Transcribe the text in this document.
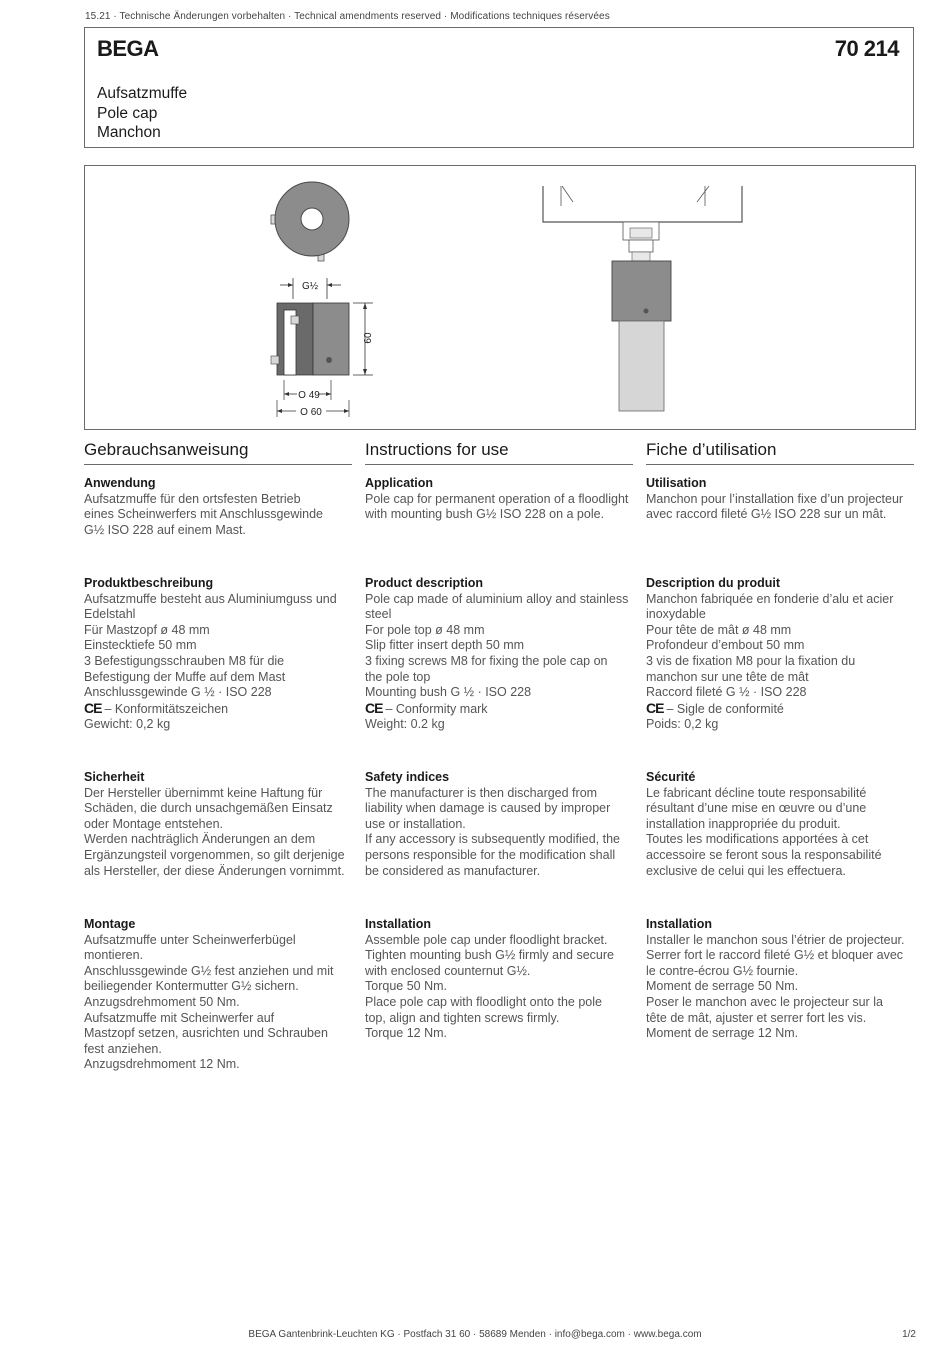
15.21 · Technische Änderungen vorbehalten · Technical amendments reserved · Modifications techniques réservées
BEGA	70 214
Aufsatzmuffe
Pole cap
Manchon
G½
60
O 49
O 60
Gebrauchsanweisung
Anwendung
Aufsatzmuffe für den ortsfesten Betrieb
eines Scheinwerfers mit Anschlussgewinde
G½ ISO 228 auf einem Mast.
Produktbeschreibung
Aufsatzmuffe besteht aus Aluminiumguss und
Edelstahl
Für Mastzopf ø 48 mm
Einstecktiefe 50 mm
3 Befestigungsschrauben M8 für die
Befestigung der Muffe auf dem Mast
Anschlussgewinde G ½ · ISO 228
CE – Konformitätszeichen
Gewicht: 0,2 kg
Sicherheit
Der Hersteller übernimmt keine Haftung für
Schäden, die durch unsachgemäßen Einsatz
oder Montage entstehen.
Werden nachträglich Änderungen an dem
Ergänzungsteil vorgenommen, so gilt derjenige
als Hersteller, der diese Änderungen vornimmt.
Montage
Aufsatzmuffe unter Scheinwerferbügel
montieren.
Anschlussgewinde G½ fest anziehen und mit
beiliegender Kontermutter G½ sichern.
Anzugsdrehmoment 50 Nm.
Aufsatzmuffe mit Scheinwerfer auf
Mastzopf setzen, ausrichten und Schrauben
fest anziehen.
Anzugsdrehmoment 12 Nm.
Instructions for use
Application
Pole cap for permanent operation of a floodlight
with mounting bush G½ ISO 228 on a pole.
Product description
Pole cap made of aluminium alloy and stainless
steel
For pole top ø 48 mm
Slip fitter insert depth 50 mm
3 fixing screws M8 for fixing the pole cap on
the pole top
Mounting bush G ½ · ISO 228
CE – Conformity mark
Weight: 0.2 kg
Safety indices
The manufacturer is then discharged from
liability when damage is caused by improper
use or installation.
If any accessory is subsequently modified, the
persons responsible for the modification shall
be considered as manufacturer.
Installation
Assemble pole cap under floodlight bracket.
Tighten mounting bush G½ firmly and secure
with enclosed counternut G½.
Torque 50 Nm.
Place pole cap with floodlight onto the pole
top, align and tighten screws firmly.
Torque 12 Nm.
Fiche d’utilisation
Utilisation
Manchon pour l’installation fixe d’un projecteur
avec raccord fileté G½ ISO 228 sur un mât.
Description du produit
Manchon fabriquée en fonderie d’alu et acier
inoxydable
Pour tête de mât ø 48 mm
Profondeur d’embout 50 mm
3 vis de fixation M8 pour la fixation du
manchon sur une tête de mât
Raccord fileté G ½ · ISO 228
CE – Sigle de conformité
Poids: 0,2 kg
Sécurité
Le fabricant décline toute responsabilité
résultant d’une mise en œuvre ou d’une
installation inappropriée du produit.
Toutes les modifications apportées à cet
accessoire se feront sous la responsabilité
exclusive de celui qui les effectuera.
Installation
Installer le manchon sous l’étrier de projecteur.
Serrer fort le raccord fileté G½ et bloquer avec
le contre-écrou G½ fournie.
Moment de serrage 50 Nm.
Poser le manchon avec le projecteur sur la
tête de mât, ajuster et serrer fort les vis.
Moment de serrage 12 Nm.
BEGA Gantenbrink-Leuchten KG · Postfach 31 60 · 58689 Menden · info@bega.com · www.bega.com	1/2
